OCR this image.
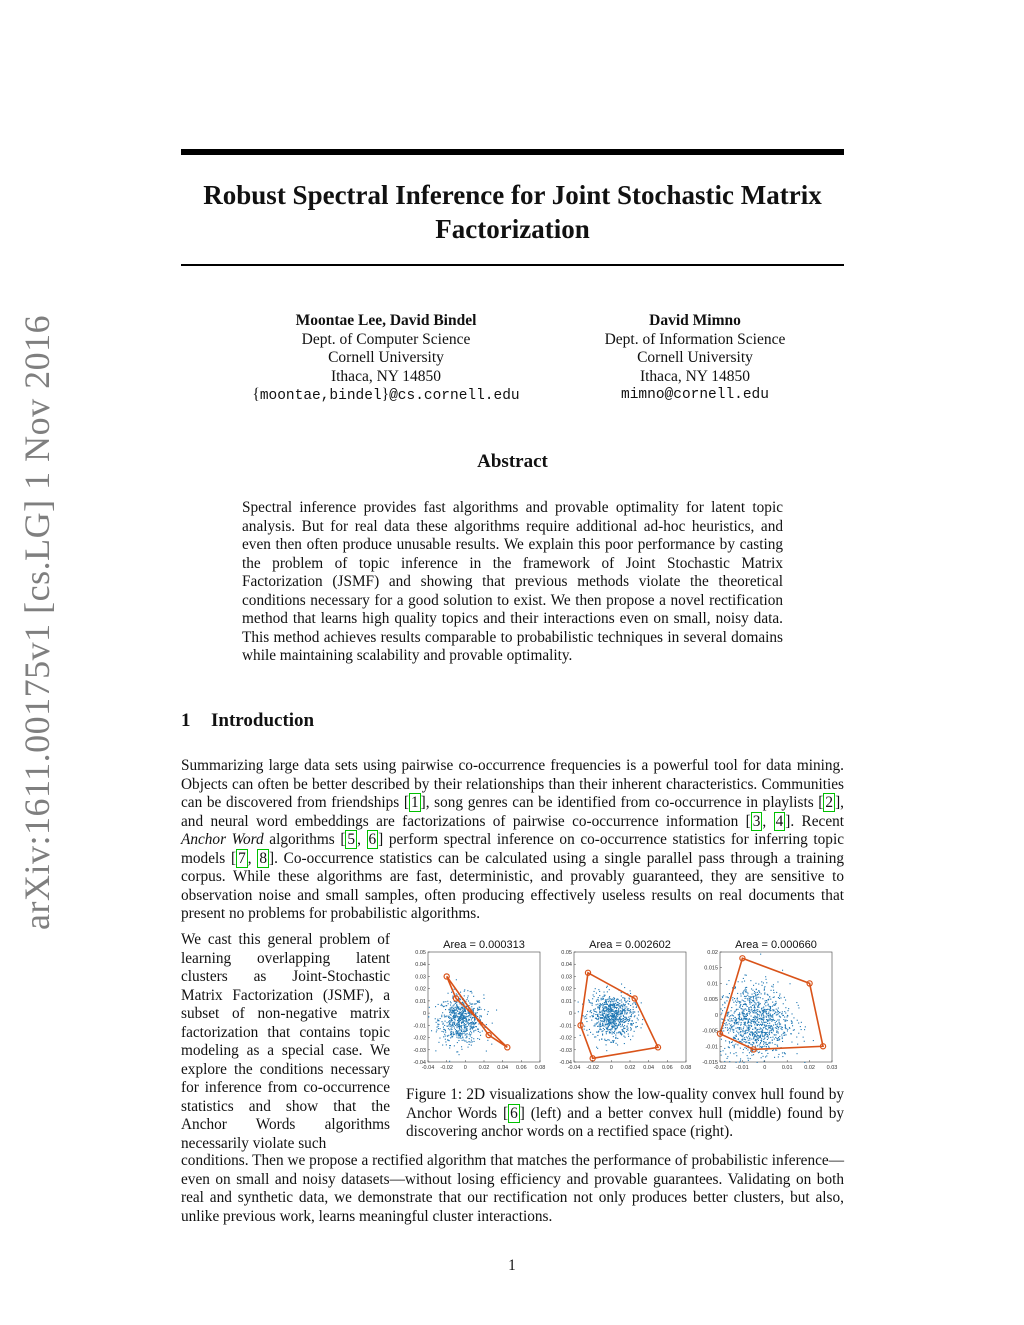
arXiv:1611.00175v1 [cs.LG] 1 Nov 2016
Robust Spectral Inference for Joint Stochastic Matrix
Factorization
Moontae Lee, David Bindel
Dept. of Computer Science
Cornell University
Ithaca, NY 14850
{moontae,bindel}@cs.cornell.edu
David Mimno
Dept. of Information Science
Cornell University
Ithaca, NY 14850
mimno@cornell.edu
Abstract
Spectral inference provides fast algorithms and provable optimality for latent topic analysis. But for real data these algorithms require additional ad-hoc heuristics, and even then often produce unusable results. We explain this poor performance by casting the problem of topic inference in the framework of Joint Stochastic Matrix Factorization (JSMF) and showing that previous methods violate the theoretical conditions necessary for a good solution to exist. We then propose a novel rectification method that learns high quality topics and their interactions even on small, noisy data. This method achieves results comparable to probabilistic techniques in several domains while maintaining scalability and provable optimality.
1 Introduction
Summarizing large data sets using pairwise co-occurrence frequencies is a powerful tool for data mining. Objects can often be better described by their relationships than their inherent characteristics. Communities can be discovered from friendships [ 1 ], song genres can be identified from co-occurrence in playlists [ 2 ], and neural word embeddings are factorizations of pairwise co-occurrence information [ 3 , 4 ]. Recent Anchor Word algorithms [ 5 , 6 ] perform spectral inference on co-occurrence statistics for inferring topic models [ 7 , 8 ]. Co-occurrence statistics can be calculated using a single parallel pass through a training corpus. While these algorithms are fast, deterministic, and provably guaranteed, they are sensitive to observation noise and small samples, often producing effectively useless results on real documents that present no problems for probabilistic algorithms.
We cast this general problem of learning overlapping latent clusters as Joint-Stochastic Matrix Factorization (JSMF), a subset of non-negative matrix factorization that contains topic modeling as a special case. We explore the conditions necessary for inference from co-occurrence statistics and show that the Anchor Words algorithms necessarily violate such
conditions. Then we propose a rectified algorithm that matches the performance of probabilistic inference—even on small and noisy datasets—without losing efficiency and provable guarantees. Validating on both real and synthetic data, we demonstrate that our rectification not only produces better clusters, but also, unlike previous work, learns meaningful cluster interactions.
Area = 0.000313
-0.04 -0.02 0 0.02 0.04 0.06 0.08
0.05
0.04
0.03
0.02
0.01
0
-0.01
-0.02
-0.03
-0.04
Area = 0.002602
-0.04 -0.02 0 0.02 0.04 0.06 0.08
0.05
0.04
0.03
0.02
0.01
0
-0.01
-0.02
-0.03
-0.04
Area = 0.000660
-0.02 -0.01	0	0.01 0.02 0.03
0.02
0.015
0.01
0.005
0
-0.005
-0.01
-0.015
Figure 1: 2D visualizations show the low-quality convex hull found by Anchor Words [ 6 ] (left) and a better convex hull (middle) found by discovering anchor words on a rectified space (right).
1
